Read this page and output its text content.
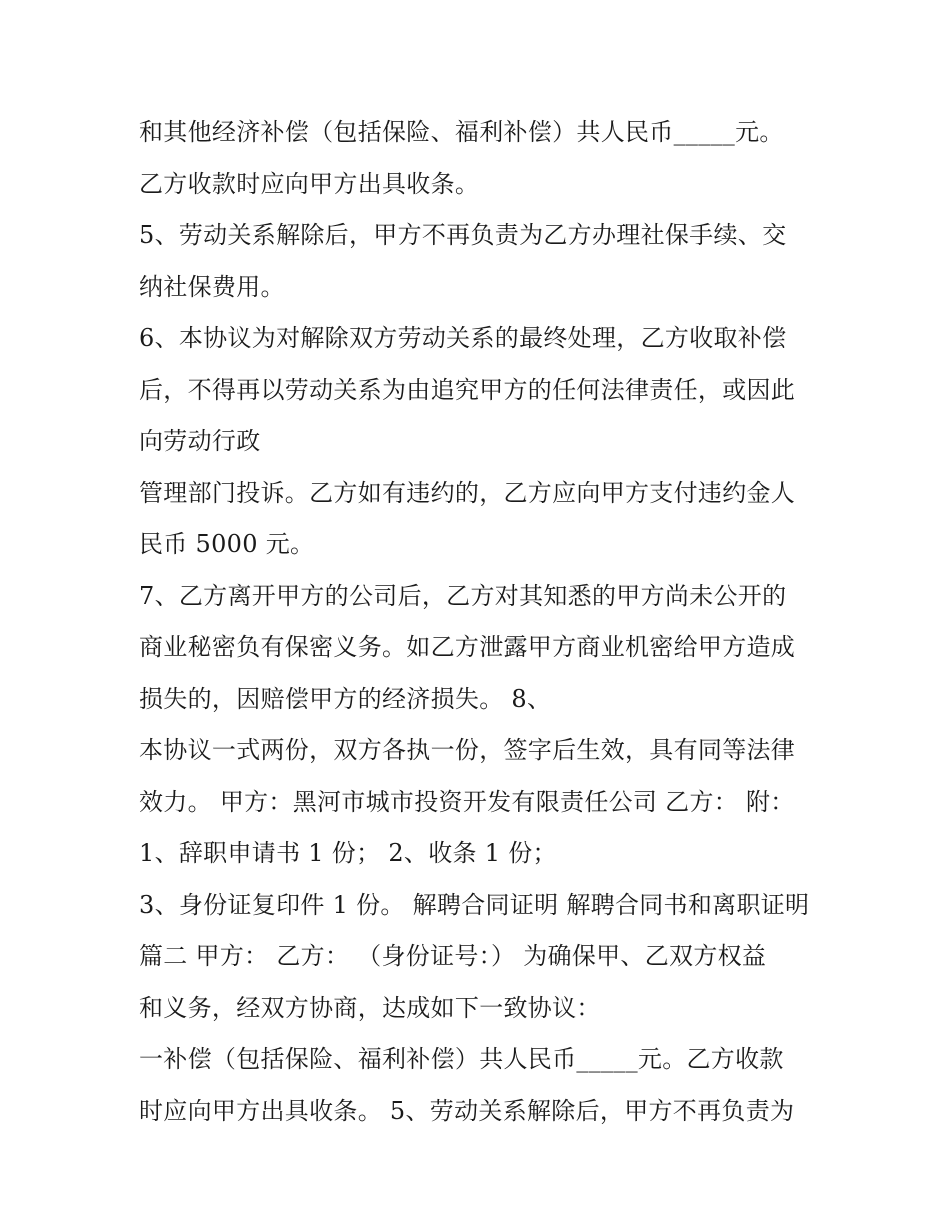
和其他经济补偿（包括保险、福利补偿）共人民币_____元。
乙方收款时应向甲方出具收条。
5、劳动关系解除后，甲方不再负责为乙方办理社保手续、交
纳社保费用。
6、本协议为对解除双方劳动关系的最终处理，乙方收取补偿
后，不得再以劳动关系为由追究甲方的任何法律责任，或因此
向劳动行政
管理部门投诉。乙方如有违约的，乙方应向甲方支付违约金人
民币 5000 元。
7、乙方离开甲方的公司后，乙方对其知悉的甲方尚未公开的
商业秘密负有保密义务。如乙方泄露甲方商业机密给甲方造成
损失的，因赔偿甲方的经济损失。 8、
本协议一式两份，双方各执一份，签字后生效，具有同等法律
效力。 甲方：黑河市城市投资开发有限责任公司 乙方： 附：
1、辞职申请书 1 份； 2、收条 1 份；
3、身份证复印件 1 份。 解聘合同证明 解聘合同书和离职证明
篇二 甲方： 乙方： （身份证号：） 为确保甲、乙双方权益
和义务，经双方协商，达成如下一致协议：
一补偿（包括保险、福利补偿）共人民币_____元。乙方收款
时应向甲方出具收条。 5、劳动关系解除后，甲方不再负责为
